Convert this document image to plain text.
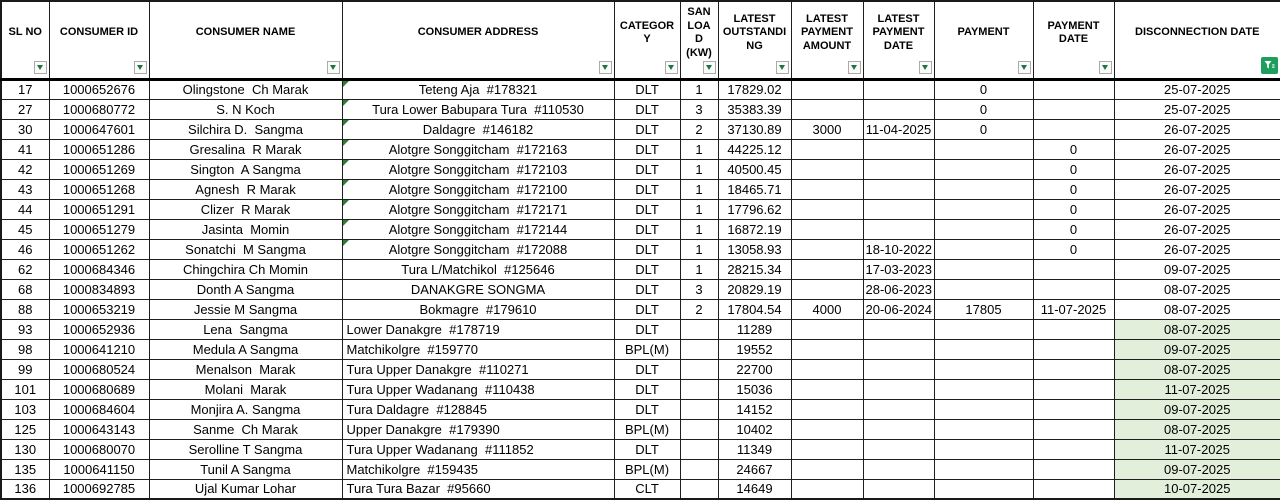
SL NO	CONSUMER ID	CONSUMER NAME	CONSUMER ADDRESS	CATEGORY	SAN LOAD (KW)	LATEST OUTSTANDING	LATEST PAYMENT AMOUNT	LATEST PAYMENT DATE	PAYMENT	PAYMENT DATE	DISCONNECTION DATE

17	1000652676	Olingstone  Ch Marak	Teteng Aja  #178321	DLT	1	17829.02			0		25-07-2025
27	1000680772	S. N Koch	Tura Lower Babupara Tura  #110530	DLT	3	35383.39			0		25-07-2025
30	1000647601	Silchira D.  Sangma	Daldagre  #146182	DLT	2	37130.89	3000	11-04-2025	0		26-07-2025
41	1000651286	Gresalina  R Marak	Alotgre Songgitcham  #172163	DLT	1	44225.12				0	26-07-2025
42	1000651269	Sington  A Sangma	Alotgre Songgitcham  #172103	DLT	1	40500.45				0	26-07-2025
43	1000651268	Agnesh  R Marak	Alotgre Songgitcham  #172100	DLT	1	18465.71				0	26-07-2025
44	1000651291	Clizer  R Marak	Alotgre Songgitcham  #172171	DLT	1	17796.62				0	26-07-2025
45	1000651279	Jasinta  Momin	Alotgre Songgitcham  #172144	DLT	1	16872.19				0	26-07-2025
46	1000651262	Sonatchi  M Sangma	Alotgre Songgitcham  #172088	DLT	1	13058.93		18-10-2022		0	26-07-2025
62	1000684346	Chingchira Ch Momin	Tura L/Matchikol  #125646	DLT	1	28215.34		17-03-2023			09-07-2025
68	1000834893	Donth A Sangma	DANAKGRE SONGMA	DLT	3	20829.19		28-06-2023			08-07-2025
88	1000653219	Jessie M Sangma	Bokmagre  #179610	DLT	2	17804.54	4000	20-06-2024	17805	11-07-2025	08-07-2025
93	1000652936	Lena  Sangma	Lower Danakgre  #178719	DLT		11289					08-07-2025
98	1000641210	Medula A Sangma	Matchikolgre  #159770	BPL(M)		19552					09-07-2025
99	1000680524	Menalson  Marak	Tura Upper Danakgre  #110271	DLT		22700					08-07-2025
101	1000680689	Molani  Marak	Tura Upper Wadanang  #110438	DLT		15036					11-07-2025
103	1000684604	Monjira A. Sangma	Tura Daldagre  #128845	DLT		14152					09-07-2025
125	1000643143	Sanme  Ch Marak	Upper Danakgre  #179390	BPL(M)		10402					08-07-2025
130	1000680070	Serolline T Sangma	Tura Upper Wadanang  #111852	DLT		11349					11-07-2025
135	1000641150	Tunil A Sangma	Matchikolgre  #159435	BPL(M)		24667					09-07-2025
136	1000692785	Ujal Kumar Lohar	Tura Tura Bazar  #95660	CLT		14649					10-07-2025
